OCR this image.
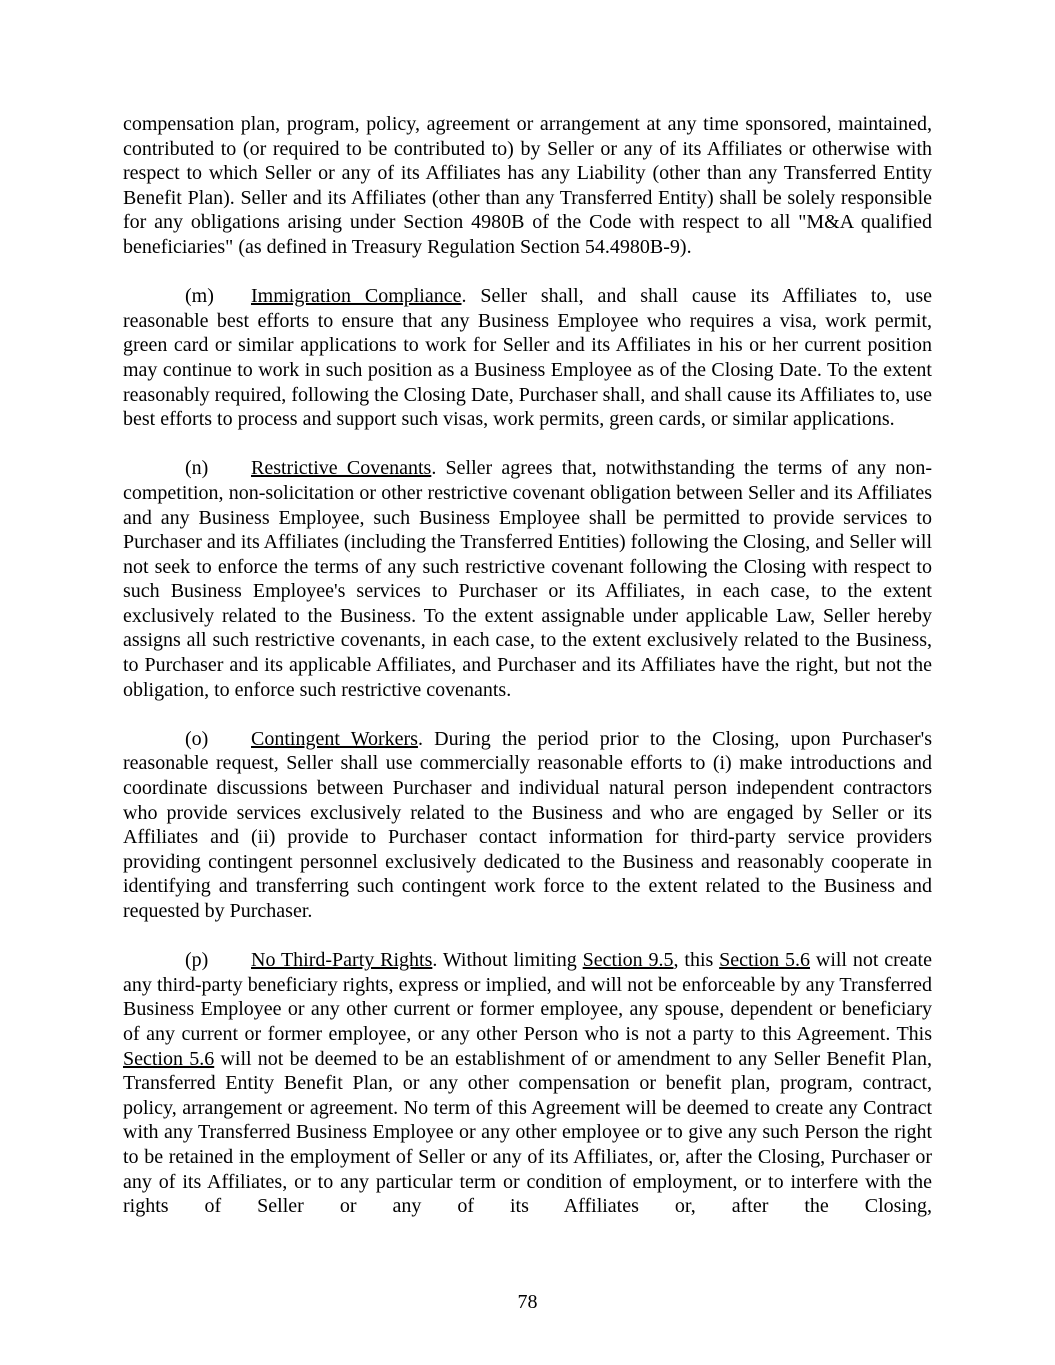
compensation plan, program, policy, agreement or arrangement at any time sponsored, maintained, contributed to (or required to be contributed to) by Seller or any of its Affiliates or otherwise with respect to which Seller or any of its Affiliates has any Liability (other than any Transferred Entity Benefit Plan). Seller and its Affiliates (other than any Transferred Entity) shall be solely responsible for any obligations arising under Section 4980B of the Code with respect to all "M&A qualified beneficiaries" (as defined in Treasury Regulation Section 54.4980B-9).

(m) Immigration Compliance. Seller shall, and shall cause its Affiliates to, use reasonable best efforts to ensure that any Business Employee who requires a visa, work permit, green card or similar applications to work for Seller and its Affiliates in his or her current position may continue to work in such position as a Business Employee as of the Closing Date. To the extent reasonably required, following the Closing Date, Purchaser shall, and shall cause its Affiliates to, use best efforts to process and support such visas, work permits, green cards, or similar applications.

(n) Restrictive Covenants. Seller agrees that, notwithstanding the terms of any non-competition, non-solicitation or other restrictive covenant obligation between Seller and its Affiliates and any Business Employee, such Business Employee shall be permitted to provide services to Purchaser and its Affiliates (including the Transferred Entities) following the Closing, and Seller will not seek to enforce the terms of any such restrictive covenant following the Closing with respect to such Business Employee's services to Purchaser or its Affiliates, in each case, to the extent exclusively related to the Business. To the extent assignable under applicable Law, Seller hereby assigns all such restrictive covenants, in each case, to the extent exclusively related to the Business, to Purchaser and its applicable Affiliates, and Purchaser and its Affiliates have the right, but not the obligation, to enforce such restrictive covenants.

(o) Contingent Workers. During the period prior to the Closing, upon Purchaser's reasonable request, Seller shall use commercially reasonable efforts to (i) make introductions and coordinate discussions between Purchaser and individual natural person independent contractors who provide services exclusively related to the Business and who are engaged by Seller or its Affiliates and (ii) provide to Purchaser contact information for third-party service providers providing contingent personnel exclusively dedicated to the Business and reasonably cooperate in identifying and transferring such contingent work force to the extent related to the Business and requested by Purchaser.

(p) No Third-Party Rights. Without limiting Section 9.5, this Section 5.6 will not create any third-party beneficiary rights, express or implied, and will not be enforceable by any Transferred Business Employee or any other current or former employee, any spouse, dependent or beneficiary of any current or former employee, or any other Person who is not a party to this Agreement. This Section 5.6 will not be deemed to be an establishment of or amendment to any Seller Benefit Plan, Transferred Entity Benefit Plan, or any other compensation or benefit plan, program, contract, policy, arrangement or agreement. No term of this Agreement will be deemed to create any Contract with any Transferred Business Employee or any other employee or to give any such Person the right to be retained in the employment of Seller or any of its Affiliates, or, after the Closing, Purchaser or any of its Affiliates, or to any particular term or condition of employment, or to interfere with the rights of Seller or any of its Affiliates or, after the Closing,

78
